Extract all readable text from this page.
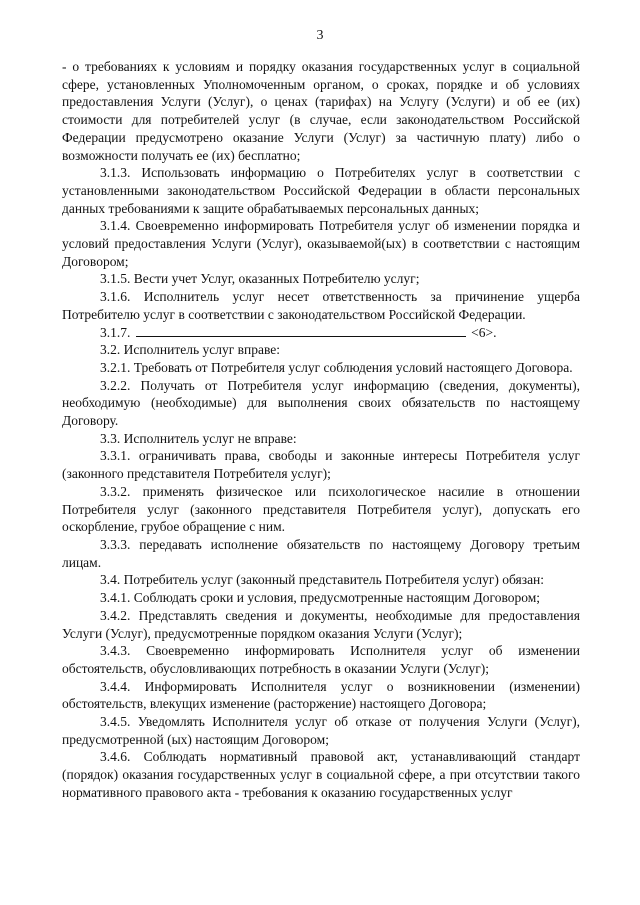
3

- о требованиях к условиям и порядку оказания государственных услуг в социальной сфере, установленных Уполномоченным органом, о сроках, порядке и об условиях предоставления Услуги (Услуг), о ценах (тарифах) на Услугу (Услуги) и об ее (их) стоимости для потребителей услуг (в случае, если законодательством Российской Федерации предусмотрено оказание Услуги (Услуг) за частичную плату) либо о возможности получать ее (их) бесплатно;

3.1.3. Использовать информацию о Потребителях услуг в соответствии с установленными законодательством Российской Федерации в области персональных данных требованиями к защите обрабатываемых персональных данных;

3.1.4. Своевременно информировать Потребителя услуг об изменении порядка и условий предоставления Услуги (Услуг), оказываемой(ых) в соответствии с настоящим Договором;

3.1.5. Вести учет Услуг, оказанных Потребителю услуг;

3.1.6. Исполнитель услуг несет ответственность за причинение ущерба Потребителю услуг в соответствии с законодательством Российской Федерации.

3.1.7.	<6>.

3.2. Исполнитель услуг вправе:

3.2.1. Требовать от Потребителя услуг соблюдения условий настоящего Договора.

3.2.2. Получать от Потребителя услуг информацию (сведения, документы), необходимую (необходимые) для выполнения своих обязательств по настоящему Договору.

3.3. Исполнитель услуг не вправе:

3.3.1. ограничивать права, свободы и законные интересы Потребителя услуг (законного представителя Потребителя услуг);

3.3.2. применять физическое или психологическое насилие в отношении Потребителя услуг (законного представителя Потребителя услуг), допускать его оскорбление, грубое обращение с ним.

3.3.3. передавать исполнение обязательств по настоящему Договору третьим лицам.

3.4. Потребитель услуг (законный представитель Потребителя услуг) обязан:

3.4.1. Соблюдать сроки и условия, предусмотренные настоящим Договором;

3.4.2. Представлять сведения и документы, необходимые для предоставления Услуги (Услуг), предусмотренные порядком оказания Услуги (Услуг);

3.4.3. Своевременно информировать Исполнителя услуг об изменении обстоятельств, обусловливающих потребность в оказании Услуги (Услуг);

3.4.4. Информировать Исполнителя услуг о возникновении (изменении) обстоятельств, влекущих изменение (расторжение) настоящего Договора;

3.4.5. Уведомлять Исполнителя услуг об отказе от получения Услуги (Услуг), предусмотренной (ых) настоящим Договором;

3.4.6. Соблюдать нормативный правовой акт, устанавливающий стандарт (порядок) оказания государственных услуг в социальной сфере, а при отсутствии такого нормативного правового акта - требования к оказанию государственных услуг
